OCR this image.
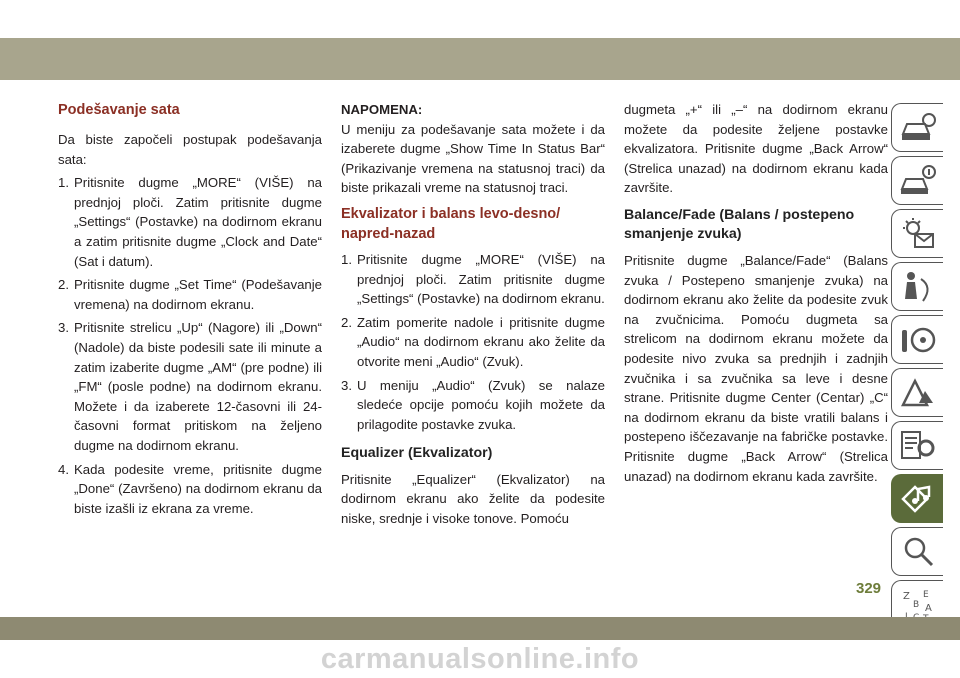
Podešavanje sata

Da biste započeli postupak podešavanja sata:

1. Pritisnite dugme „MORE“ (VIŠE) na prednjoj ploči. Zatim pritisnite dugme „Settings“ (Postavke) na dodirnom ekranu a zatim pritisnite dugme „Clock and Date“ (Sat i datum).
2. Pritisnite dugme „Set Time“ (Podešavanje vremena) na dodirnom ekranu.
3. Pritisnite strelicu „Up“ (Nagore) ili „Down“ (Nadole) da biste podesili sate ili minute a zatim izaberite dugme „AM“ (pre podne) ili „FM“ (posle podne) na dodirnom ekranu. Možete i da izaberete 12-časovni ili 24-časovni format pritiskom na željeno dugme na dodirnom ekranu.
4. Kada podesite vreme, pritisnite dugme „Done“ (Završeno) na dodirnom ekranu da biste izašli iz ekrana za vreme.

NAPOMENA:

U meniju za podešavanje sata možete i da izaberete dugme „Show Time In Status Bar“ (Prikazivanje vremena na statusnoj traci) da biste prikazali vreme na statusnoj traci.

Ekvalizator i balans levo-desno/ napred-nazad
1. Pritisnite dugme „MORE“ (VIŠE) na prednjoj ploči. Zatim pritisnite dugme „Settings“ (Postavke) na dodirnom ekranu.
2. Zatim pomerite nadole i pritisnite dugme „Audio“ na dodirnom ekranu ako želite da otvorite meni „Audio“ (Zvuk).
3. U meniju „Audio“ (Zvuk) se nalaze sledeće opcije pomoću kojih možete da prilagodite postavke zvuka.
Equalizer (Ekvalizator)

Pritisnite „Equalizer“ (Ekvalizator) na dodirnom ekranu ako želite da podesite niske, srednje i visoke tonove. Pomoću

dugmeta „+“ ili „–“ na dodirnom ekranu možete da podesite željene postavke ekvalizatora. Pritisnite dugme „Back Arrow“ (Strelica unazad) na dodirnom ekranu kada završite.

Balance/Fade (Balans / postepeno smanjenje zvuka)

Pritisnite dugme „Balance/Fade“ (Balans zvuka / Postepeno smanjenje zvuka) na dodirnom ekranu ako želite da podesite zvuk na zvučnicima. Pomoću dugmeta sa strelicom na dodirnom ekranu možete da podesite nivo zvuka sa prednjih i zadnjih zvučnika i sa zvučnika sa leve i desne strane. Pritisnite dugme Center (Centar) „C“ na dodirnom ekranu da biste vratili balans i postepeno iščezavanje na fabričke postavke. Pritisnite dugme „Back Arrow“ (Strelica unazad) na dodirnom ekranu kada završite.

Z E
B A
329
carmanualsonline.info
